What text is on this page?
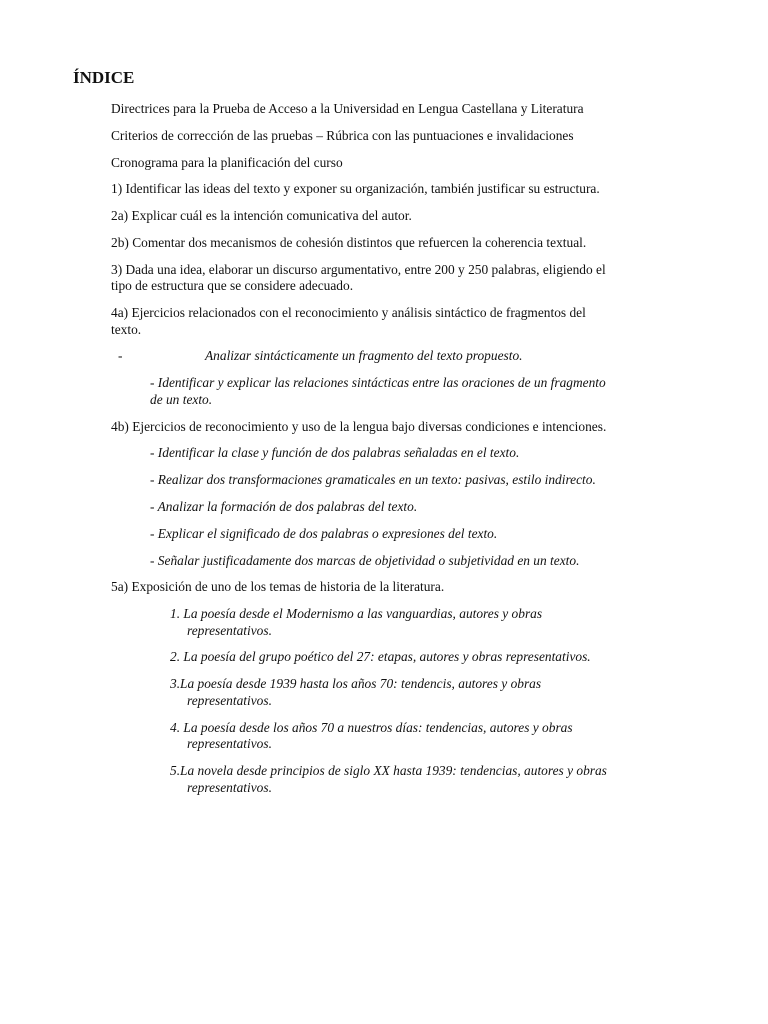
ÍNDICE

Directrices para la Prueba de Acceso a la Universidad en Lengua Castellana y Literatura

Criterios de corrección de las pruebas – Rúbrica con las puntuaciones e invalidaciones

Cronograma para la planificación del curso

1) Identificar las ideas del texto y exponer su organización, también justificar su estructura.

2a) Explicar cuál es la intención comunicativa del autor.

2b) Comentar dos mecanismos de cohesión distintos que refuercen la coherencia textual.

3) Dada una idea, elaborar un discurso argumentativo, entre 200 y 250 palabras, eligiendo el tipo de estructura que se considere adecuado.

4a) Ejercicios relacionados con el reconocimiento y análisis sintáctico de fragmentos del texto.

-	Analizar sintácticamente un fragmento del texto propuesto.

- Identificar y explicar las relaciones sintácticas entre las oraciones de un fragmento de un texto.

4b) Ejercicios de reconocimiento y uso de la lengua bajo diversas condiciones e intenciones.

- Identificar la clase y función de dos palabras señaladas en el texto.

- Realizar dos transformaciones gramaticales en un texto: pasivas, estilo indirecto.

- Analizar la formación de dos palabras del texto.

- Explicar el significado de dos palabras o expresiones del texto.

- Señalar justificadamente dos marcas de objetividad o subjetividad en un texto.

5a) Exposición de uno de los temas de historia de la literatura.

1. La poesía desde el Modernismo a las vanguardias, autores y obras representativos.

2. La poesía del grupo poético del 27: etapas, autores y obras representativos.

3.La poesía desde 1939 hasta los años 70: tendencis, autores y obras representativos.

4. La poesía desde los años 70 a nuestros días: tendencias, autores y obras representativos.

5.La novela desde principios de siglo XX hasta 1939: tendencias, autores y obras representativos.
